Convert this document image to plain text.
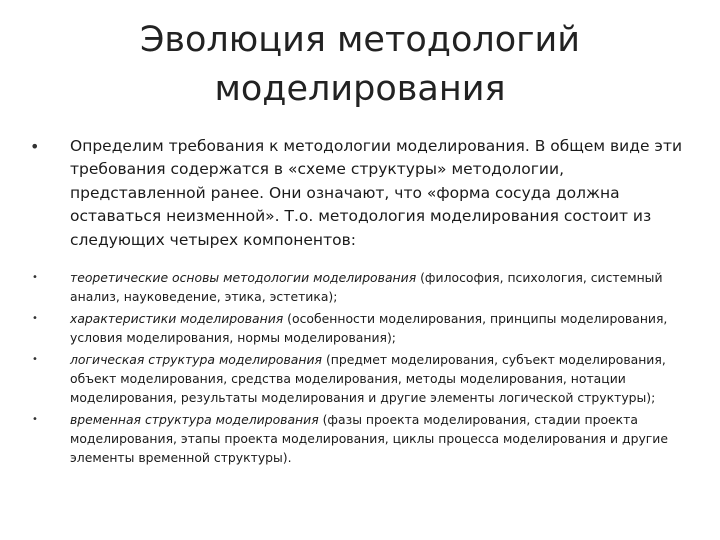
Эволюция методологий
моделирования
• Определим требования к методологии моделирования. В общем виде эти требования содержатся в «схеме структуры» методологии, представленной ранее. Они означают, что «форма сосуда должна оставаться неизменной». Т.о. методология моделирования состоит из следующих четырех компонентов:
•	теоретические основы методологии моделирования (философия, психология, системный анализ, науковедение, этика, эстетика);
•	характеристики моделирования (особенности моделирования, принципы моделирования, условия моделирования, нормы моделирования);
•	логическая структура моделирования (предмет моделирования, субъект моделирования, объект моделирования, средства моделирования, методы моделирования, нотации моделирования, результаты моделирования и другие элементы логической структуры);
•	временная структура моделирования (фазы проекта моделирования, стадии проекта моделирования, этапы проекта моделирования, циклы процесса моделирования и другие элементы временной структуры).
